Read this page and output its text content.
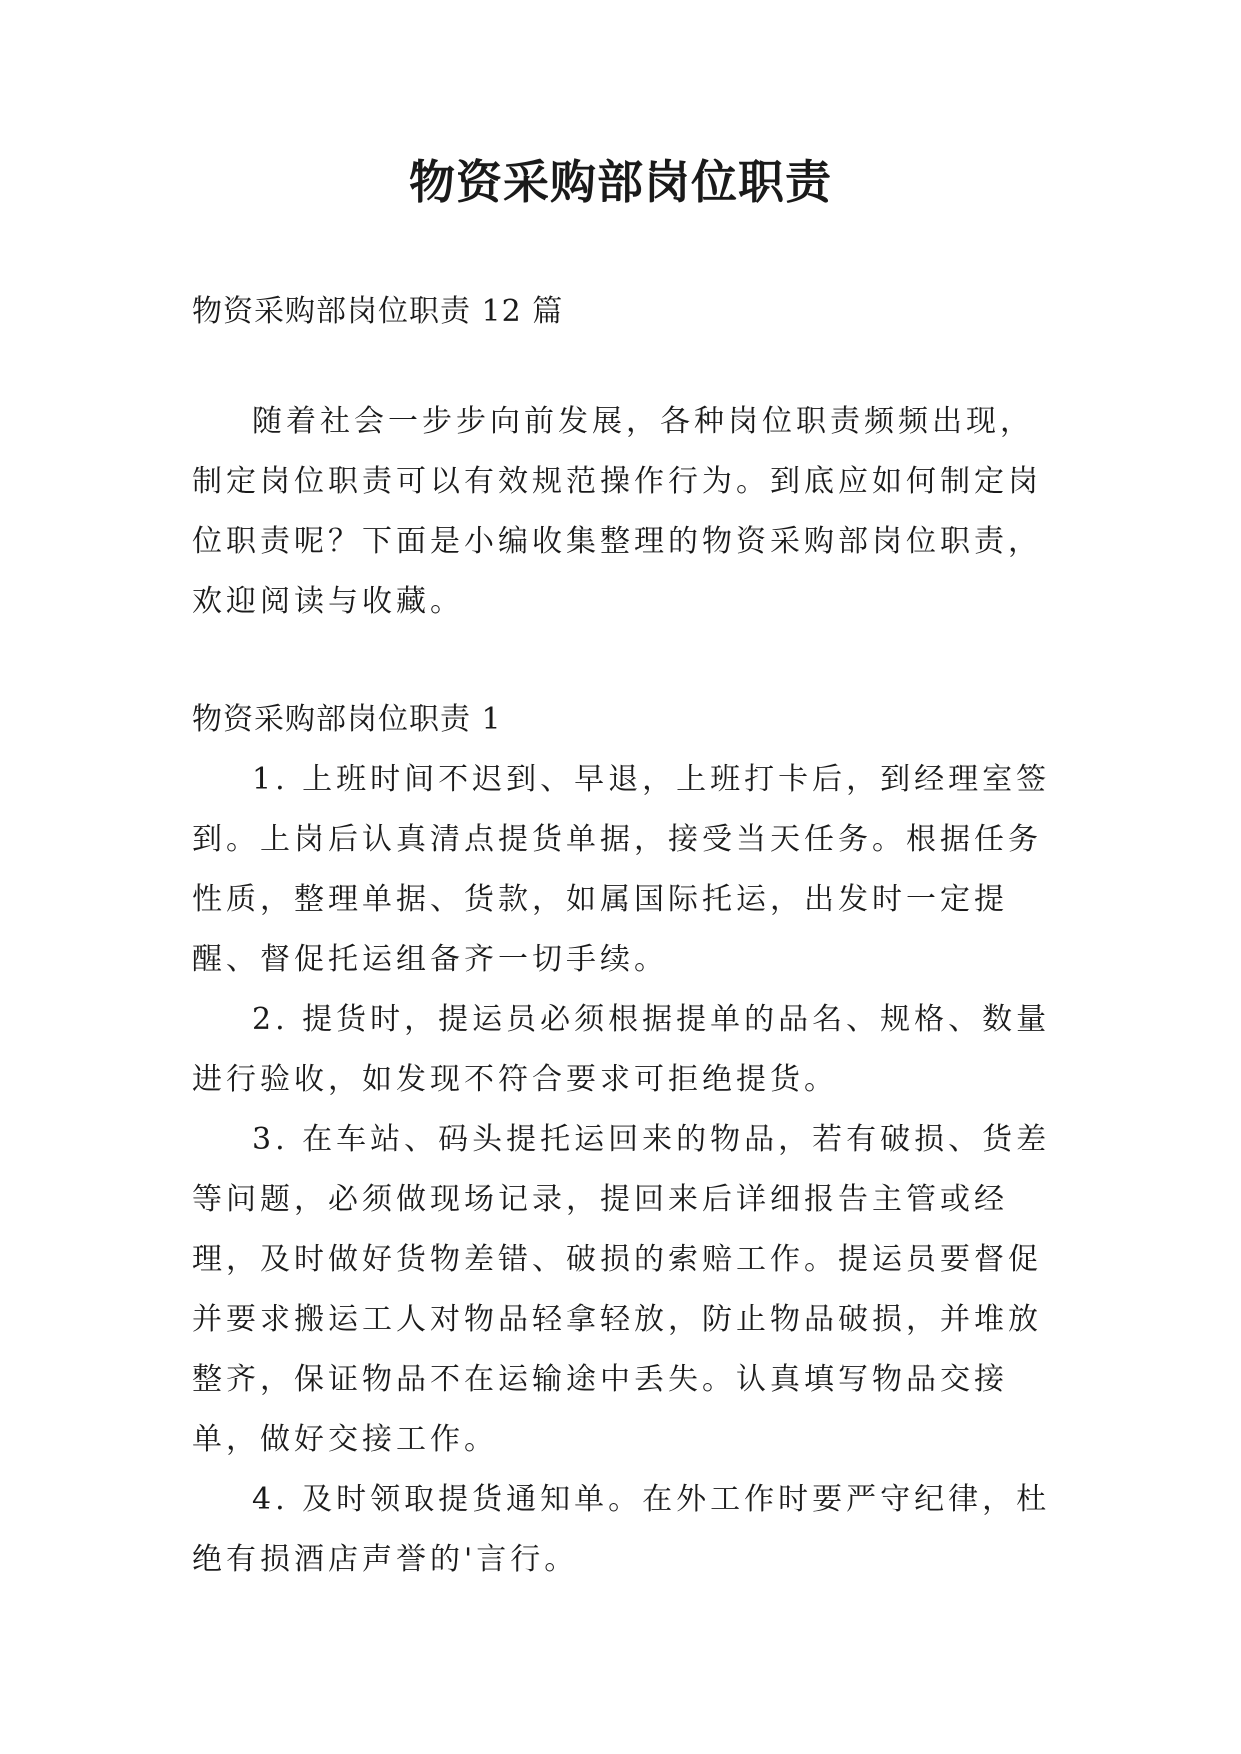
物资采购部岗位职责

物资采购部岗位职责 12 篇

随着社会一步步向前发展，各种岗位职责频频出现，制定岗位职责可以有效规范操作行为。到底应如何制定岗位职责呢？下面是小编收集整理的物资采购部岗位职责，欢迎阅读与收藏。

物资采购部岗位职责 1

1. 上班时间不迟到、早退，上班打卡后，到经理室签到。上岗后认真清点提货单据，接受当天任务。根据任务性质，整理单据、货款，如属国际托运，出发时一定提醒、督促托运组备齐一切手续。

2. 提货时，提运员必须根据提单的品名、规格、数量进行验收，如发现不符合要求可拒绝提货。

3. 在车站、码头提托运回来的物品，若有破损、货差等问题，必须做现场记录，提回来后详细报告主管或经理，及时做好货物差错、破损的索赔工作。提运员要督促并要求搬运工人对物品轻拿轻放，防止物品破损，并堆放整齐，保证物品不在运输途中丢失。认真填写物品交接单，做好交接工作。

4. 及时领取提货通知单。在外工作时要严守纪律，杜绝有损酒店声誉的'言行。
